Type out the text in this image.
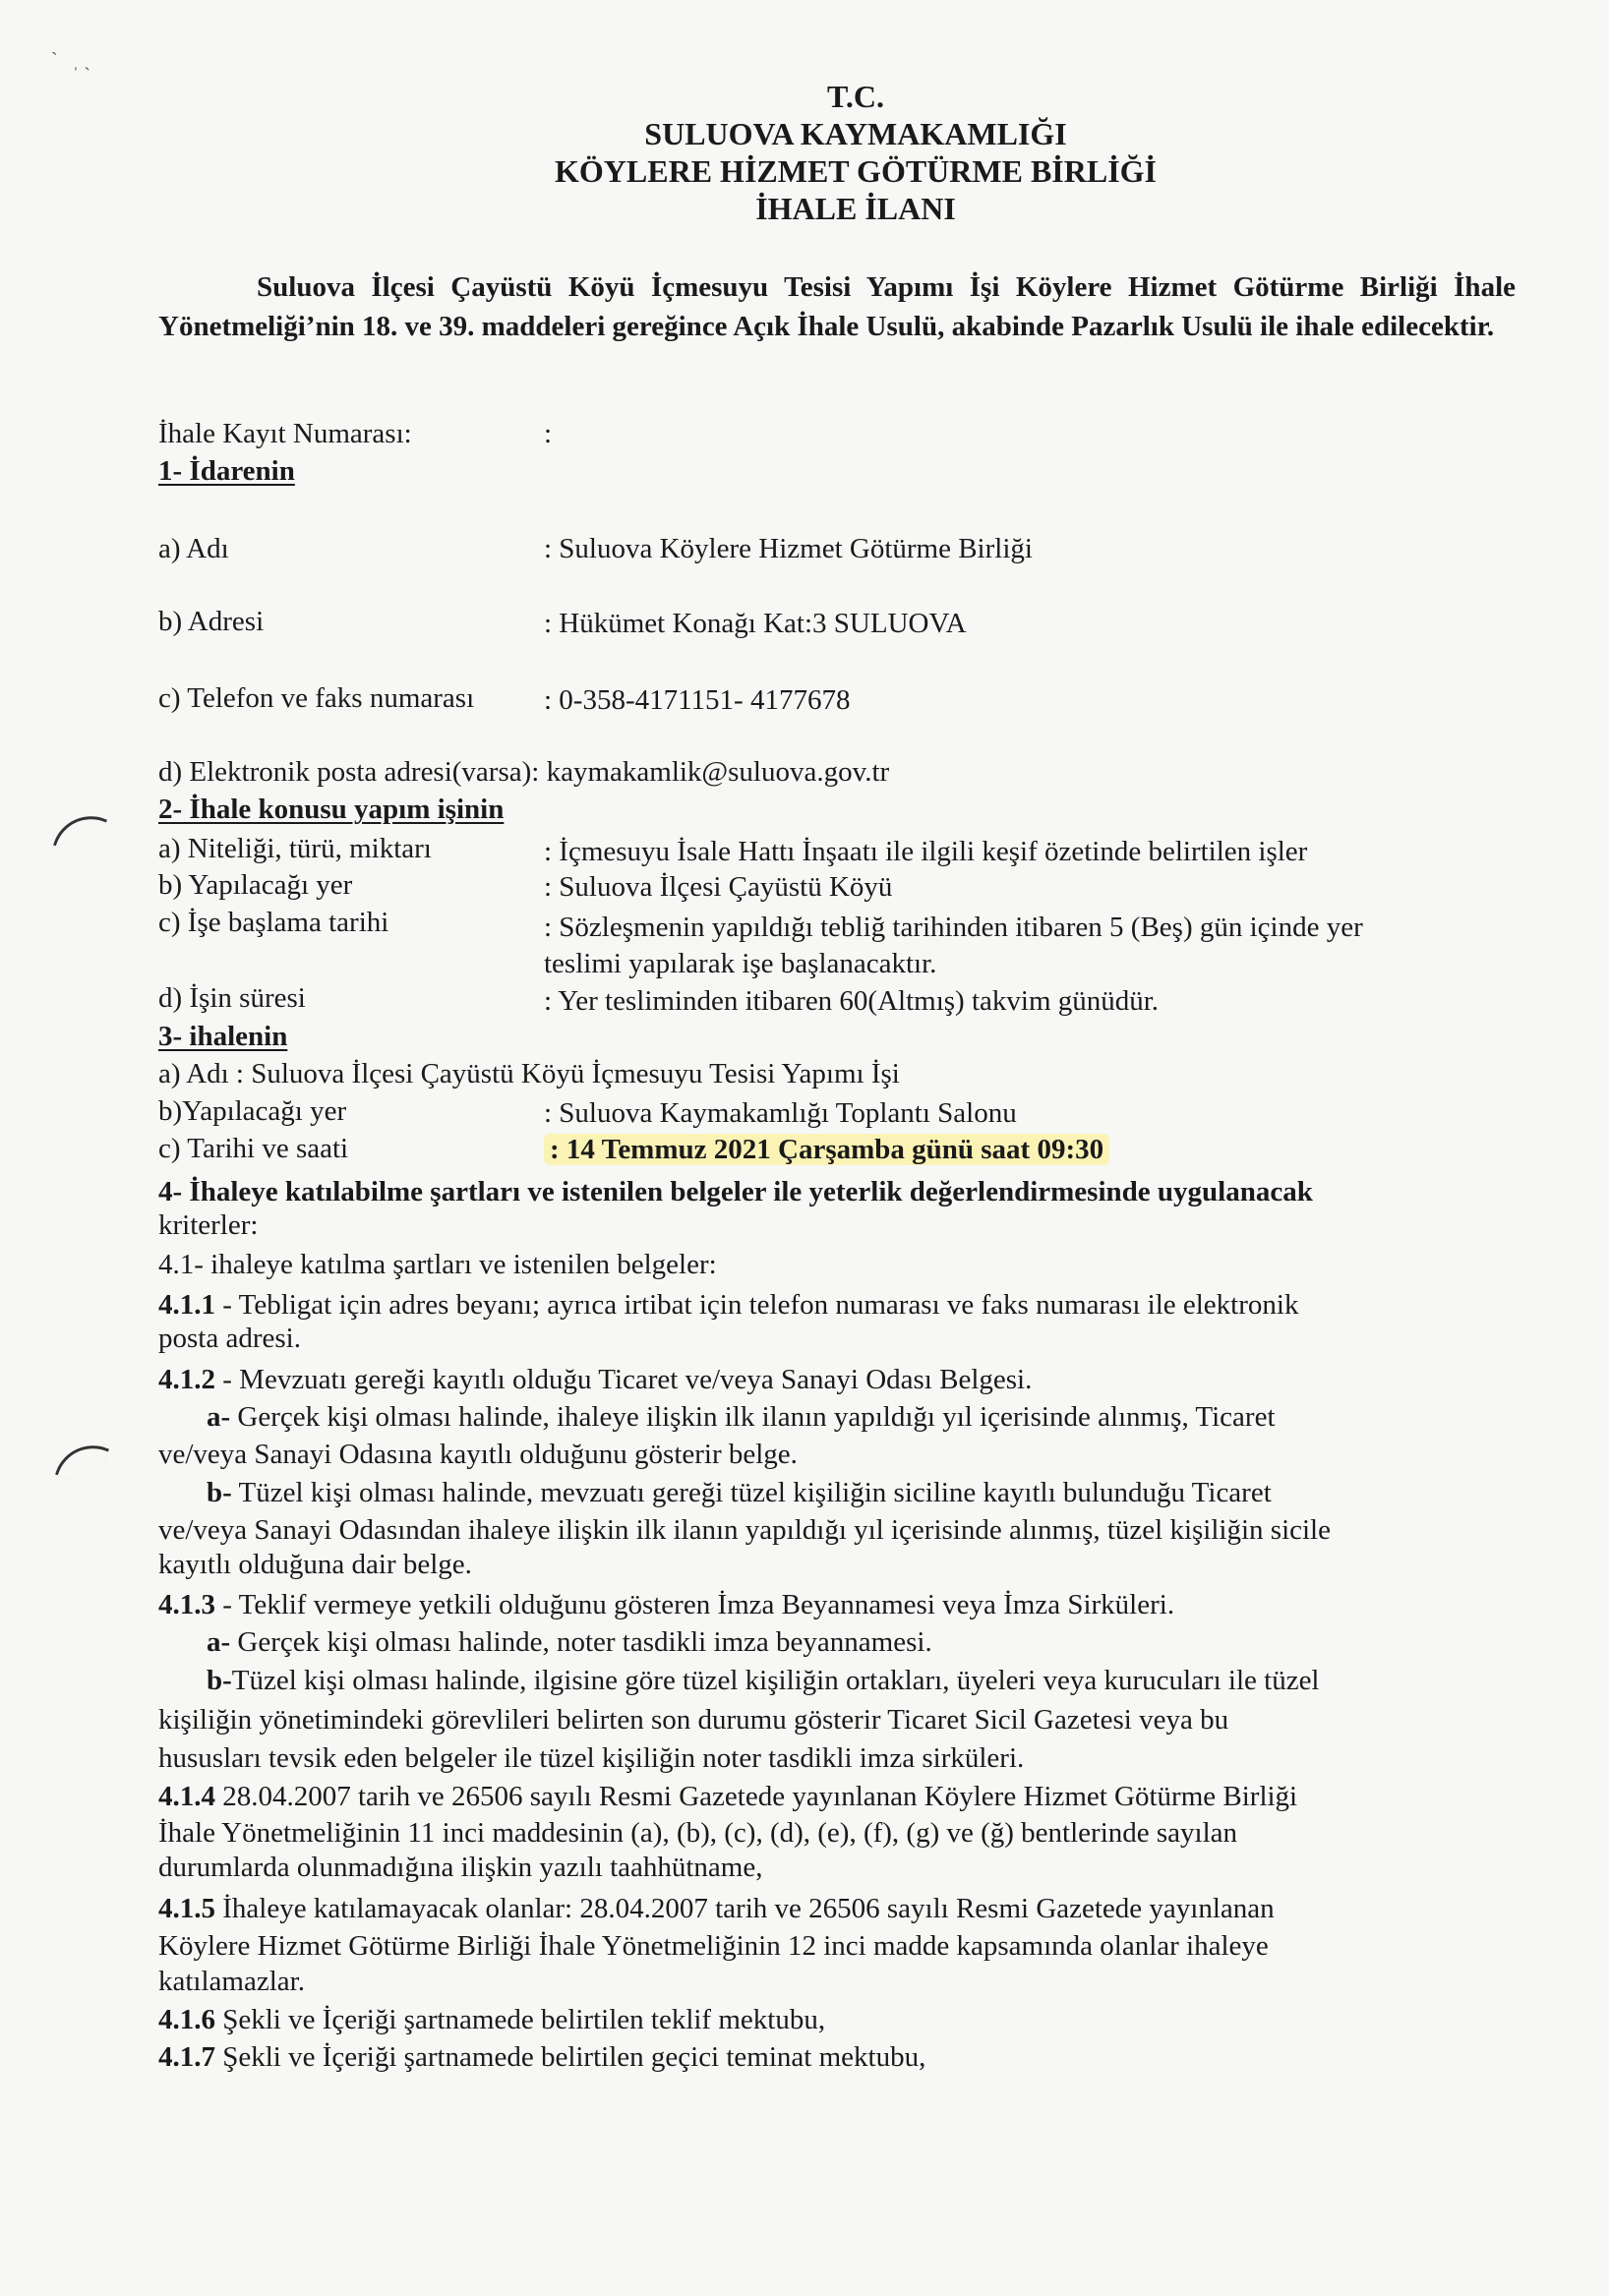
ˋ   ˌ ˏ
T.C.
SULUOVA KAYMAKAMLIĞI
KÖYLERE HİZMET GÖTÜRME BİRLİĞİ
İHALE İLANI
Suluova İlçesi Çayüstü Köyü İçmesuyu Tesisi Yapımı İşi Köylere Hizmet Götürme Birliği İhale Yönetmeliği’nin 18. ve 39. maddeleri gereğince Açık İhale Usulü, akabinde Pazarlık Usulü ile ihale edilecektir.
İhale Kayıt Numarası:	:
1- İdarenin
a) Adı	: Suluova Köylere Hizmet Götürme Birliği
b) Adresi	: Hükümet Konağı Kat:3 SULUOVA
c) Telefon ve faks numarası : 0-358-4171151- 4177678
d) Elektronik posta adresi(varsa): kaymakamlik@suluova.gov.tr
2- İhale konusu yapım işinin
a) Niteliği, türü, miktarı	: İçmesuyu İsale Hattı İnşaatı ile ilgili keşif özetinde belirtilen işler
b) Yapılacağı yer	: Suluova İlçesi Çayüstü Köyü
c) İşe başlama tarihi	: Sözleşmenin yapıldığı tebliğ tarihinden itibaren 5 (Beş) gün içinde yer
teslimi yapılarak işe başlanacaktır.
d) İşin süresi	: Yer tesliminden itibaren 60(Altmış) takvim günüdür.
3- ihalenin
a) Adı : Suluova İlçesi Çayüstü Köyü İçmesuyu Tesisi Yapımı İşi
b)Yapılacağı yer	: Suluova Kaymakamlığı Toplantı Salonu
c) Tarihi ve saati	: 14 Temmuz 2021 Çarşamba günü saat 09:30
4- İhaleye katılabilme şartları ve istenilen belgeler ile yeterlik değerlendirmesinde uygulanacak
kriterler:
4.1- ihaleye katılma şartları ve istenilen belgeler:
4.1.1 - Tebligat için adres beyanı; ayrıca irtibat için telefon numarası ve faks numarası ile elektronik
posta adresi.
4.1.2 - Mevzuatı gereği kayıtlı olduğu Ticaret ve/veya Sanayi Odası Belgesi.
a- Gerçek kişi olması halinde, ihaleye ilişkin ilk ilanın yapıldığı yıl içerisinde alınmış, Ticaret
ve/veya Sanayi Odasına kayıtlı olduğunu gösterir belge.
b- Tüzel kişi olması halinde, mevzuatı gereği tüzel kişiliğin siciline kayıtlı bulunduğu Ticaret
ve/veya Sanayi Odasından ihaleye ilişkin ilk ilanın yapıldığı yıl içerisinde alınmış, tüzel kişiliğin sicile
kayıtlı olduğuna dair belge.
4.1.3 - Teklif vermeye yetkili olduğunu gösteren İmza Beyannamesi veya İmza Sirküleri.
a- Gerçek kişi olması halinde, noter tasdikli imza beyannamesi.
b-Tüzel kişi olması halinde, ilgisine göre tüzel kişiliğin ortakları, üyeleri veya kurucuları ile tüzel
kişiliğin yönetimindeki görevlileri belirten son durumu gösterir Ticaret Sicil Gazetesi veya bu
hususları tevsik eden belgeler ile tüzel kişiliğin noter tasdikli imza sirküleri.
4.1.4 28.04.2007 tarih ve 26506 sayılı Resmi Gazetede yayınlanan Köylere Hizmet Götürme Birliği
İhale Yönetmeliğinin 11 inci maddesinin (a), (b), (c), (d), (e), (f), (g) ve (ğ) bentlerinde sayılan
durumlarda olunmadığına ilişkin yazılı taahhütname,
4.1.5 İhaleye katılamayacak olanlar: 28.04.2007 tarih ve 26506 sayılı Resmi Gazetede yayınlanan
Köylere Hizmet Götürme Birliği İhale Yönetmeliğinin 12 inci madde kapsamında olanlar ihaleye
katılamazlar.
4.1.6 Şekli ve İçeriği şartnamede belirtilen teklif mektubu,
4.1.7 Şekli ve İçeriği şartnamede belirtilen geçici teminat mektubu,
